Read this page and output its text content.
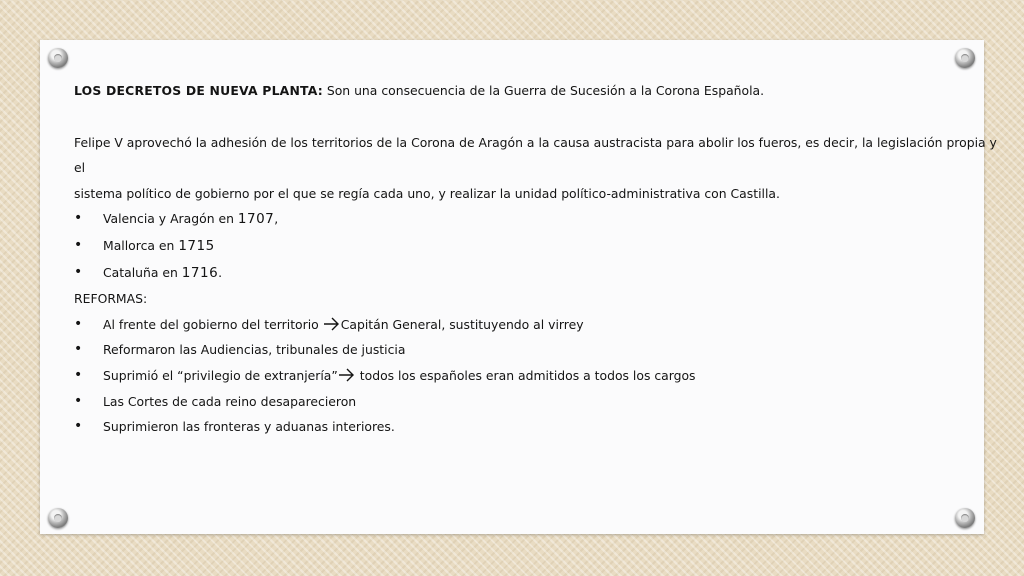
LOS DECRETOS DE NUEVA PLANTA: Son una consecuencia de la Guerra de Sucesión a la Corona Española.

Felipe V aprovechó la adhesión de los territorios de la Corona de Aragón a la causa austracista para abolir los fueros, es decir, la legislación propia y el

sistema político de gobierno por el que se regía cada uno, y realizar la unidad político-administrativa con Castilla.

• Valencia y Aragón en 1707,
• Mallorca en 1715
• Cataluña en 1716.

REFORMAS:

• Al frente del gobierno del territorio Capitán General, sustituyendo al virrey
• Reformaron las Audiencias, tribunales de justicia
• Suprimió el “privilegio de extranjería” todos los españoles eran admitidos a todos los cargos
• Las Cortes de cada reino desaparecieron
• Suprimieron las fronteras y aduanas interiores.
